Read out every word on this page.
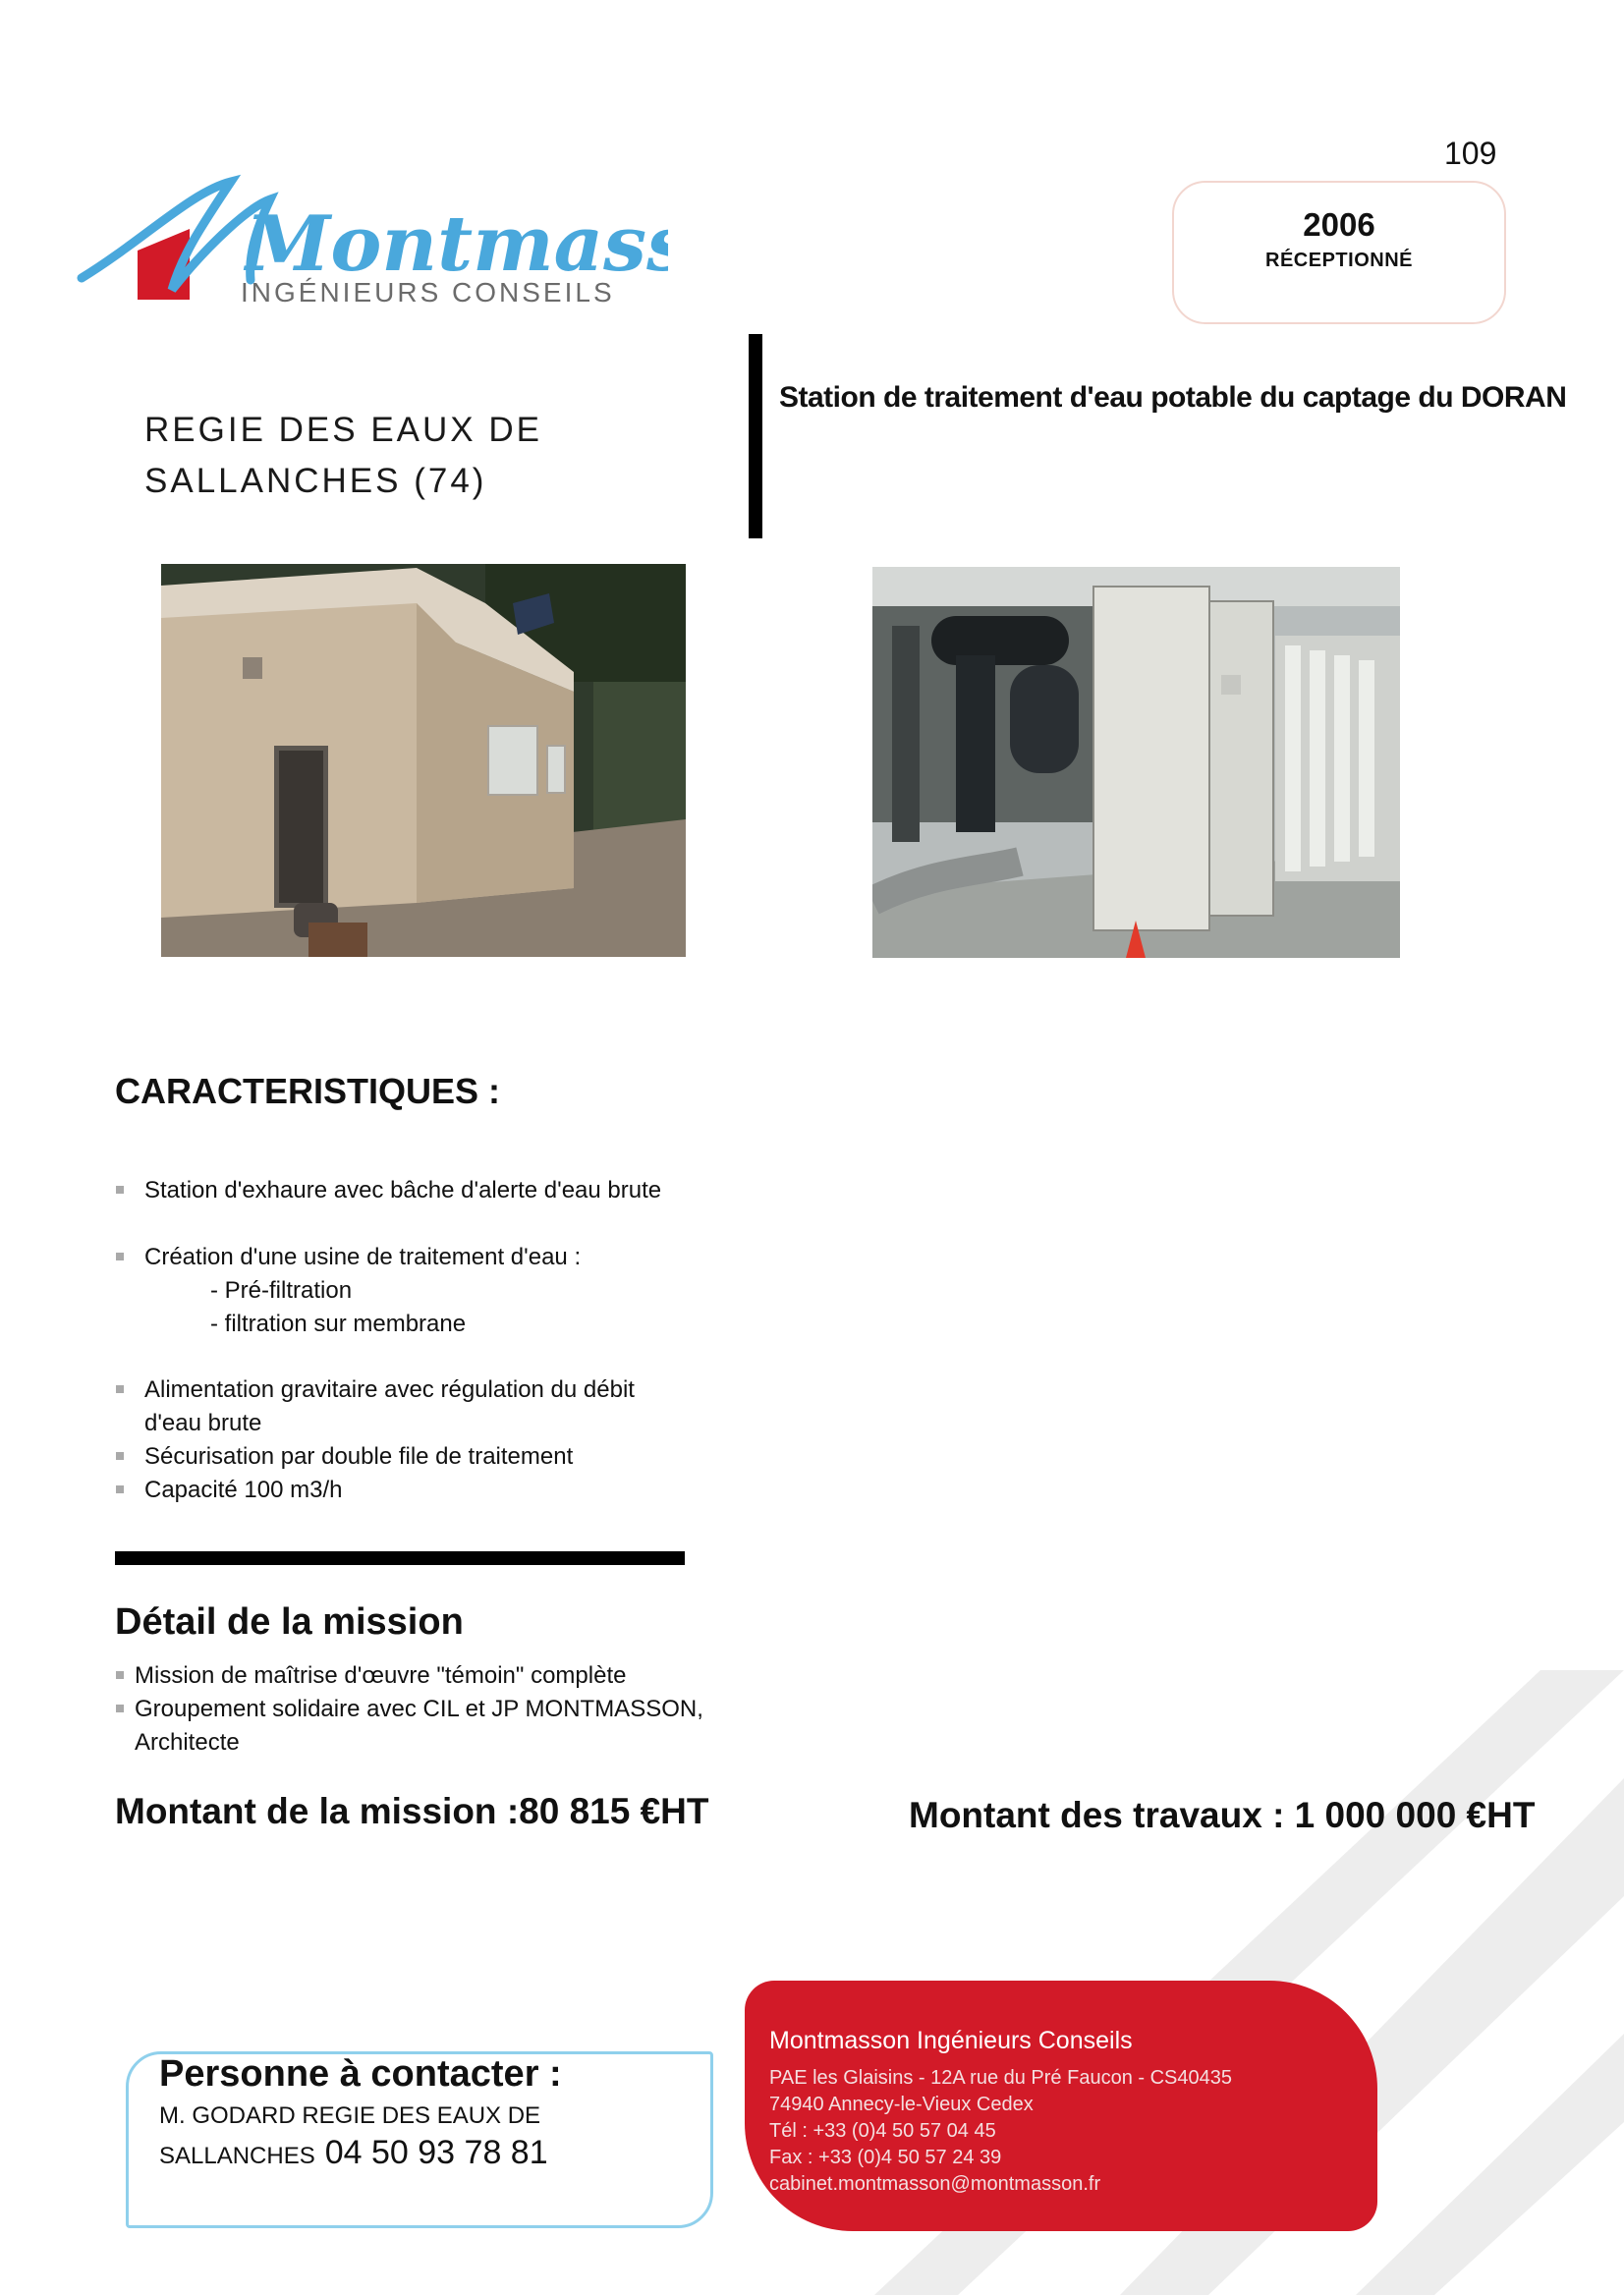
109
Montmas
INGÉNIEURS CONSEILS
2006
RÉCEPTIONNÉ
REGIE DES EAUX DE
SALLANCHES (74)
Station de traitement d'eau potable du captage du DORAN
CARACTERISTIQUES :
Station d'exhaure avec bâche d'alerte d'eau brute
Création d'une usine de traitement d'eau :
- Pré-filtration
- filtration sur membrane
Alimentation gravitaire avec régulation du débit
d'eau brute
Sécurisation par double file de traitement
Capacité 100 m3/h
Détail de la mission
Mission de maîtrise d'œuvre "témoin" complète
Groupement solidaire avec CIL et JP MONTMASSON,
Architecte
Montant de la mission :80 815 €HT	Montant des travaux : 1 000 000 €HT
Personne à contacter :
M. GODARD REGIE DES EAUX DE
SALLANCHES 04 50 93 78 81
Montmasson Ingénieurs Conseils
PAE les Glaisins - 12A rue du Pré Faucon - CS40435
74940 Annecy-le-Vieux Cedex
Tél : +33 (0)4 50 57 04 45
Fax : +33 (0)4 50 57 24 39
cabinet.montmasson@montmasson.fr
